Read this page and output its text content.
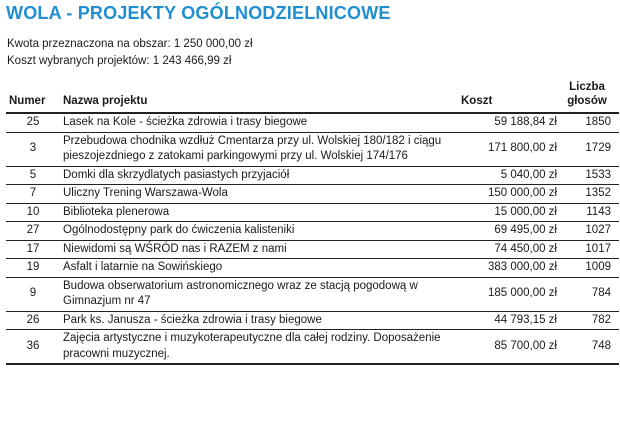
WOLA - PROJEKTY OGÓLNODZIELNICOWE
Kwota przeznaczona na obszar: 1 250 000,00 zł
Koszt wybranych projektów: 1 243 466,99 zł
Numer	Nazwa projektu	Koszt	Liczba głosów
25	Lasek na Kole - ścieżka zdrowia i trasy biegowe	59 188,84 zł	1850
3	Przebudowa chodnika wzdłuż Cmentarza przy ul. Wolskiej 180/182 i ciągu pieszojezdniego z zatokami parkingowymi przy ul. Wolskiej 174/176	171 800,00 zł	1729
5	Domki dla skrzydlatych pasiastych przyjaciół	5 040,00 zł	1533
7	Uliczny Trening Warszawa-Wola	150 000,00 zł	1352
10	Biblioteka plenerowa	15 000,00 zł	1143
27	Ogólnodostępny park do ćwiczenia kalisteniki	69 495,00 zł	1027
17	Niewidomi są WŚRÓD nas i RAZEM z nami	74 450,00 zł	1017
19	Asfalt i latarnie na Sowińskiego	383 000,00 zł	1009
9	Budowa obserwatorium astronomicznego wraz ze stacją pogodową w Gimnazjum nr 47	185 000,00 zł	784
26	Park ks. Janusza - ścieżka zdrowia i trasy biegowe	44 793,15 zł	782
36	Zajęcia artystyczne i muzykoterapeutyczne dla całej rodziny. Doposażenie pracowni muzycznej.	85 700,00 zł	748
